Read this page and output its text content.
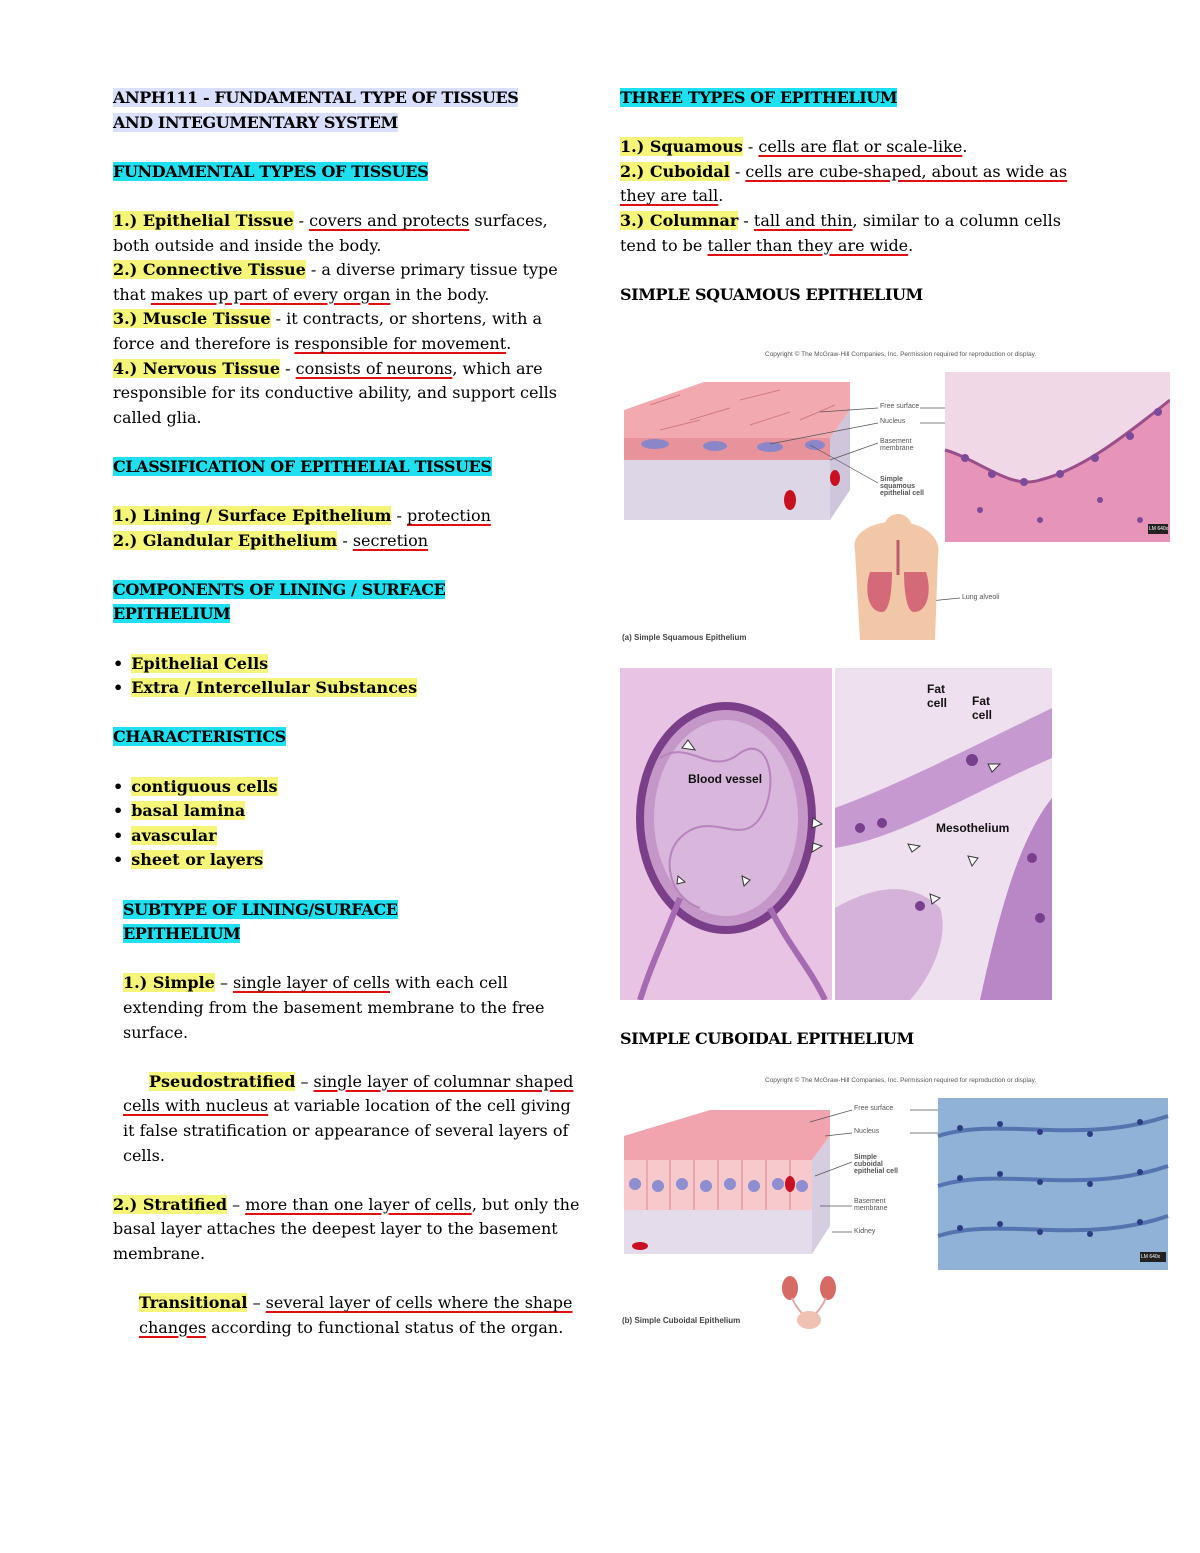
ANPH111 - FUNDAMENTAL TYPE OF TISSUES
AND INTEGUMENTARY SYSTEM
FUNDAMENTAL TYPES OF TISSUES

1.) Epithelial Tissue - covers and protects surfaces, both outside and inside the body.

2.) Connective Tissue - a diverse primary tissue type that makes up part of every organ in the body.

3.) Muscle Tissue - it contracts, or shortens, with a force and therefore is responsible for movement.

4.) Nervous Tissue - consists of neurons, which are responsible for its conductive ability, and support cells called glia.

CLASSIFICATION OF EPITHELIAL TISSUES

1.) Lining / Surface Epithelium - protection

2.) Glandular Epithelium - secretion

COMPONENTS OF LINING / SURFACE
EPITHELIUM
• Epithelial Cells
• Extra / Intercellular Substances
CHARACTERISTICS
• contiguous cells
• basal lamina
• avascular
• sheet or layers
SUBTYPE OF LINING/SURFACE
EPITHELIUM

1.) Simple – single layer of cells with each cell extending from the basement membrane to the free surface.

Pseudostratified – single layer of columnar shaped cells with nucleus at variable location of the cell giving it false stratification or appearance of several layers of cells.

2.) Stratified – more than one layer of cells, but only the basal layer attaches the deepest layer to the basement membrane.

Transitional – several layer of cells where the shape changes according to functional status of the organ.

THREE TYPES OF EPITHELIUM

1.) Squamous - cells are flat or scale-like.

2.) Cuboidal - cells are cube-shaped, about as wide as they are tall.

3.) Columnar - tall and thin, similar to a column cells tend to be taller than they are wide.

SIMPLE SQUAMOUS EPITHELIUM
Copyright © The McGraw-Hill Companies, Inc. Permission required for reproduction or display.
Free surface
Nucleus
Basement membrane
Simple squamous epithelial cell
Lung alveoli
LM 640x
(a) Simple Squamous Epithelium
Blood vessel
Fat cell	Fat cell
Mesothelium
SIMPLE CUBOIDAL EPITHELIUM
Copyright © The McGraw-Hill Companies, Inc. Permission required for reproduction or display.
Free surface
Nucleus
Simple cuboidal epithelial cell
Basement membrane
Kidney
LM 640x
(b) Simple Cuboidal Epithelium
